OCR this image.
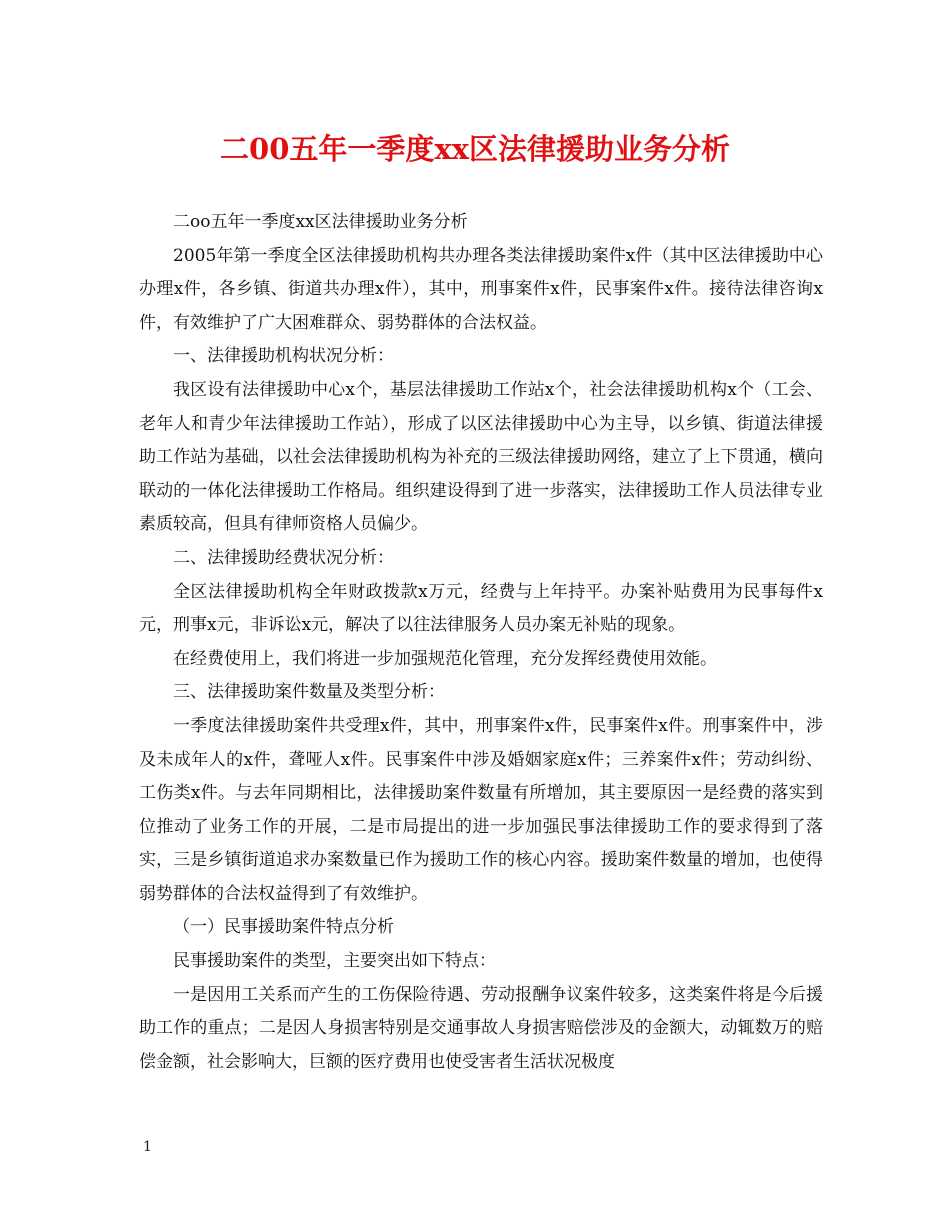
二00五年一季度xx区法律援助业务分析

二oo五年一季度xx区法律援助业务分析

2005年第一季度全区法律援助机构共办理各类法律援助案件x件（其中区法律援助中心办理x件，各乡镇、街道共办理x件），其中，刑事案件x件，民事案件x件。接待法律咨询x件，有效维护了广大困难群众、弱势群体的合法权益。

一、法律援助机构状况分析：

我区设有法律援助中心x个，基层法律援助工作站x个，社会法律援助机构x个（工会、老年人和青少年法律援助工作站），形成了以区法律援助中心为主导，以乡镇、街道法律援助工作站为基础，以社会法律援助机构为补充的三级法律援助网络，建立了上下贯通，横向联动的一体化法律援助工作格局。组织建设得到了进一步落实，法律援助工作人员法律专业素质较高，但具有律师资格人员偏少。

二、法律援助经费状况分析：

全区法律援助机构全年财政拨款x万元，经费与上年持平。办案补贴费用为民事每件x元，刑事x元，非诉讼x元，解决了以往法律服务人员办案无补贴的现象。

在经费使用上，我们将进一步加强规范化管理，充分发挥经费使用效能。

三、法律援助案件数量及类型分析：

一季度法律援助案件共受理x件，其中，刑事案件x件，民事案件x件。刑事案件中，涉及未成年人的x件，聋哑人x件。民事案件中涉及婚姻家庭x件；三养案件x件；劳动纠纷、工伤类x件。与去年同期相比，法律援助案件数量有所增加，其主要原因一是经费的落实到位推动了业务工作的开展，二是市局提出的进一步加强民事法律援助工作的要求得到了落实，三是乡镇街道追求办案数量已作为援助工作的核心内容。援助案件数量的增加，也使得弱势群体的合法权益得到了有效维护。

（一）民事援助案件特点分析

民事援助案件的类型，主要突出如下特点：

一是因用工关系而产生的工伤保险待遇、劳动报酬争议案件较多，这类案件将是今后援助工作的重点；二是因人身损害特别是交通事故人身损害赔偿涉及的金额大，动辄数万的赔偿金额，社会影响大，巨额的医疗费用也使受害者生活状况极度

1
